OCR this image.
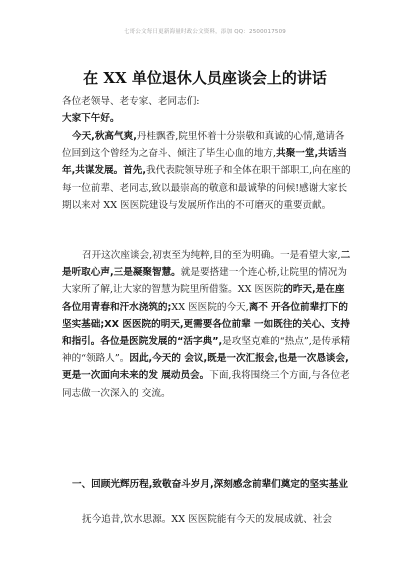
七哥公文每日更新海量时政公文资料，添加 QQ：2500017509
在 XX 单位退休人员座谈会上的讲话
各位老领导、老专家、老同志们:
大家下午好。
今天,秋高气爽,丹桂飘香,院里怀着十分崇敬和真诚的心情,邀请各位回到这个曾经为之奋斗、倾注了毕生心血的地方,共聚一堂,共话当年,共谋发展。首先,我代表院领导班子和全体在职干部职工,向在座的每一位前辈、老同志,致以最崇高的敬意和最诚挚的问候!感谢大家长期以来对 XX 医医院建设与发展所作出的不可磨灭的重要贡献。
召开这次座谈会,初衷至为纯粹,目的至为明确。一是看望大家,二是听取心声,三是凝聚智慧。就是要搭建一个连心桥,让院里的情况为大家所了解,让大家的智慧为院里所借鉴。XX 医医院的昨天,是在座各位用青春和汗水浇筑的;XX 医医院的今天,离不 开各位前辈打下的坚实基础;XX 医医院的明天,更需要各位前辈 一如既往的关心、支持和指引。各位是医院发展的“活字典”,是攻坚克难的“热点”,是传承精神的“领路人”。因此,今天的 会议,既是一次汇报会,也是一次恳谈会,更是一次面向未来的发 展动员会。下面,我将围绕三个方面,与各位老同志做一次深入的 交流。
一、回顾光辉历程,致敬奋斗岁月,深刻感念前辈们奠定的坚实基业
抚今追昔,饮水思源。XX 医医院能有今天的发展成就、社会
